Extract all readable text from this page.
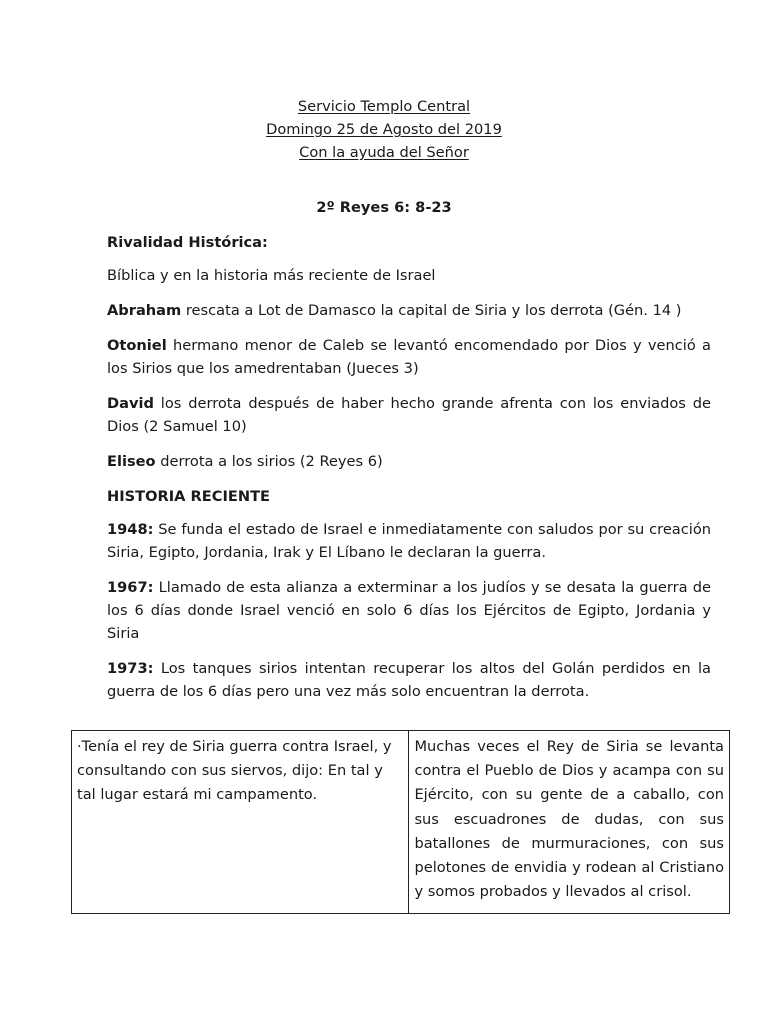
Servicio Templo Central
Domingo 25 de Agosto del 2019
Con la ayuda del Señor
2º Reyes 6: 8-23

Rivalidad Histórica:

Bíblica y en la historia más reciente de Israel

Abraham rescata a Lot de Damasco la capital de Siria y los derrota (Gén. 14 )

Otoniel hermano menor de Caleb se levantó encomendado por Dios y venció a los Sirios que los amedrentaban (Jueces 3)

David los derrota después de haber hecho grande afrenta con los enviados de Dios (2 Samuel 10)

Eliseo derrota a los sirios (2 Reyes 6)

HISTORIA RECIENTE

1948: Se funda el estado de Israel e inmediatamente con saludos por su creación Siria, Egipto, Jordania, Irak y El Líbano le declaran la guerra.

1967: Llamado de esta alianza a exterminar a los judíos y se desata la guerra de los 6 días donde Israel venció en solo 6 días los Ejércitos de Egipto, Jordania y Siria

1973: Los tanques sirios intentan recuperar los altos del Golán perdidos en la guerra de los 6 días pero una vez más solo encuentran la derrota.

·Tenía el rey de Siria guerra contra Israel, y consultando con sus siervos, dijo: En tal y tal lugar estará mi campamento.	Muchas veces el Rey de Siria se levanta contra el Pueblo de Dios y acampa con su Ejército, con su gente de a caballo, con sus escuadrones de dudas, con sus batallones de murmuraciones, con sus pelotones de envidia y rodean al Cristiano y somos probados y llevados al crisol.
